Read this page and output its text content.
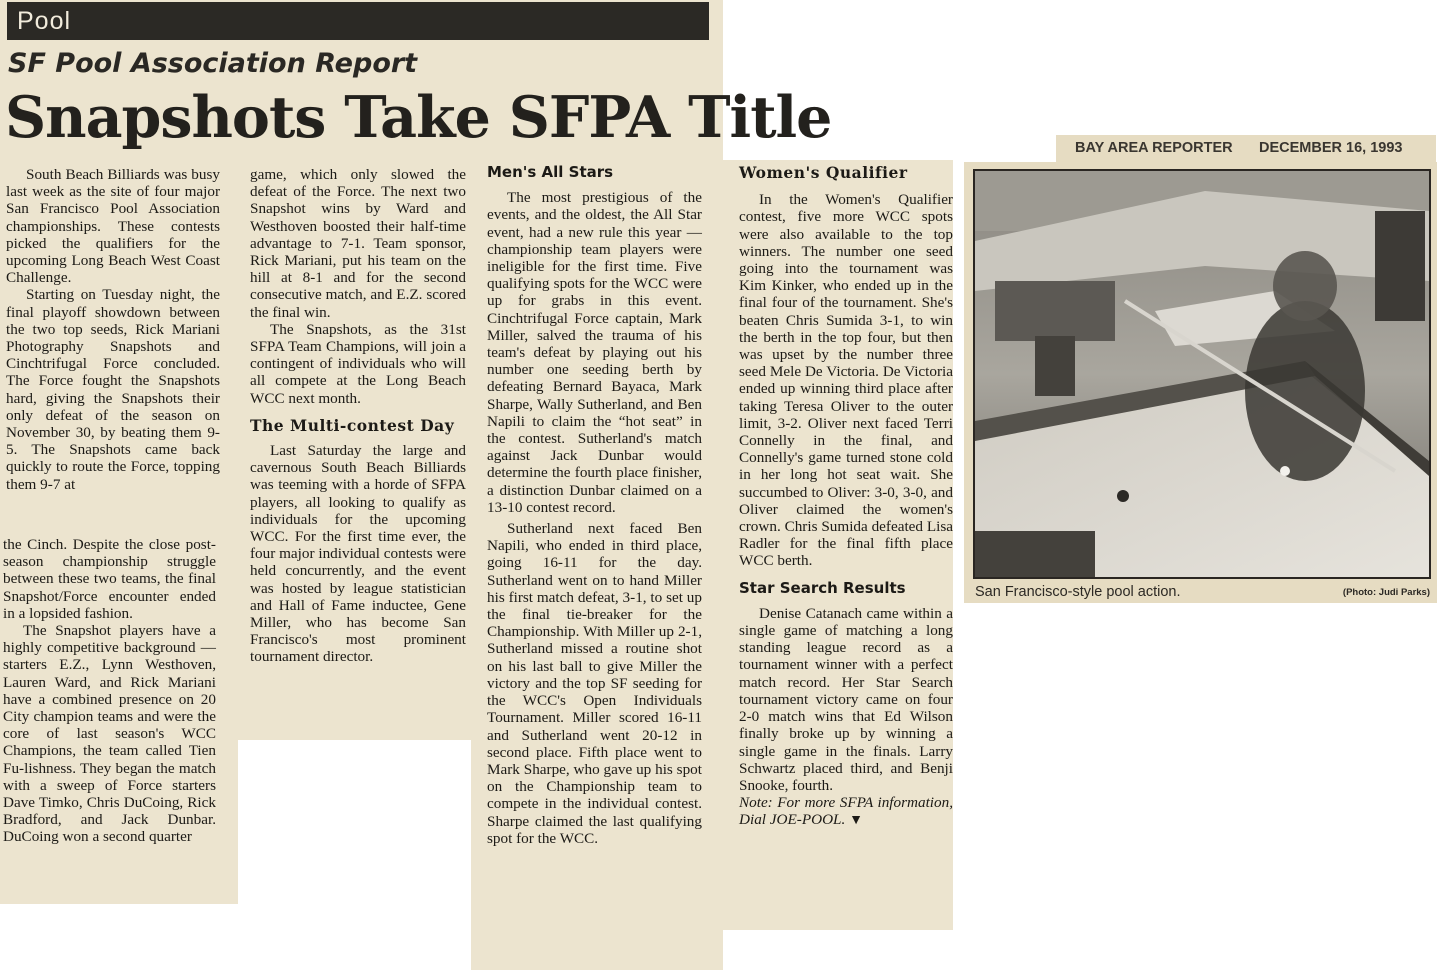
Pool
SF Pool Association Report
Snapshots Take SFPA Title

South Beach Billiards was busy last week as the site of four major San Francisco Pool Association championships. These contests picked the qualifiers for the upcoming Long Beach West Coast Challenge.

Starting on Tuesday night, the final playoff showdown between the two top seeds, Rick Mariani Photography Snapshots and Cinchtrifugal Force concluded. The Force fought the Snapshots hard, giving the Snapshots their only defeat of the season on November 30, by beating them 9-5. The Snapshots came back quickly to route the Force, topping them 9-7 at

the Cinch. Despite the close post-season championship struggle between these two teams, the final Snapshot/Force encounter ended in a lopsided fashion.

The Snapshot players have a highly competitive background — starters E.Z., Lynn Westhoven, Lauren Ward, and Rick Mariani have a combined presence on 20 City champion teams and were the core of last season's WCC Champions, the team called Tien Fu-lishness. They began the match with a sweep of Force starters Dave Timko, Chris DuCoing, Rick Bradford, and Jack Dunbar. DuCoing won a second quarter

game, which only slowed the defeat of the Force. The next two Snapshot wins by Ward and Westhoven boosted their half-time advantage to 7-1. Team sponsor, Rick Mariani, put his team on the hill at 8-1 and for the second consecutive match, and E.Z. scored the final win.

The Snapshots, as the 31st SFPA Team Champions, will join a contingent of individuals who will all compete at the Long Beach WCC next month.

The Multi-contest Day

Last Saturday the large and cavernous South Beach Billiards was teeming with a horde of SFPA players, all looking to qualify as individuals for the upcoming WCC. For the first time ever, the four major individual contests were held concurrently, and the event was hosted by league statistician and Hall of Fame inductee, Gene Miller, who has become San Francisco's most prominent tournament director.

Men's All Stars

The most prestigious of the events, and the oldest, the All Star event, had a new rule this year — championship team players were ineligible for the first time. Five qualifying spots for the WCC were up for grabs in this event. Cinchtrifugal Force captain, Mark Miller, salved the trauma of his team's defeat by playing out his number one seeding berth by defeating Bernard Bayaca, Mark Sharpe, Wally Sutherland, and Ben Napili to claim the “hot seat” in the contest. Sutherland's match against Jack Dunbar would determine the fourth place finisher, a distinction Dunbar claimed on a 13-10 contest record.

Sutherland next faced Ben Napili, who ended in third place, going 16-11 for the day. Sutherland went on to hand Miller his first match defeat, 3-1, to set up the final tie-breaker for the Championship. With Miller up 2-1, Sutherland missed a routine shot on his last ball to give Miller the victory and the top SF seeding for the WCC's Open Individuals Tournament. Miller scored 16-11 and Sutherland went 20-12 in second place. Fifth place went to Mark Sharpe, who gave up his spot on the Championship team to compete in the individual contest. Sharpe claimed the last qualifying spot for the WCC.

Women's Qualifier

In the Women's Qualifier contest, five more WCC spots were also available to the top winners. The number one seed going into the tournament was Kim Kinker, who ended up in the final four of the tournament. She's beaten Chris Sumida 3-1, to win the berth in the top four, but then was upset by the number three seed Mele De Victoria. De Victoria ended up winning third place after taking Teresa Oliver to the outer limit, 3-2. Oliver next faced Terri Connelly in the final, and Connelly's game turned stone cold in her long hot seat wait. She succumbed to Oliver: 3-0, 3-0, and Oliver claimed the women's crown. Chris Sumida defeated Lisa Radler for the final fifth place WCC berth.

Star Search Results

Denise Catanach came within a single game of matching a long standing league record as a tournament winner with a perfect match record. Her Star Search tournament victory came on four 2-0 match wins that Ed Wilson finally broke up by winning a single game in the finals. Larry Schwartz placed third, and Benji Snooke, fourth.

Note: For more SFPA information, Dial JOE-POOL. ▼

BAY AREA REPORTER DECEMBER 16, 1993
San Francisco-style pool action.	(Photo: Judi Parks)
